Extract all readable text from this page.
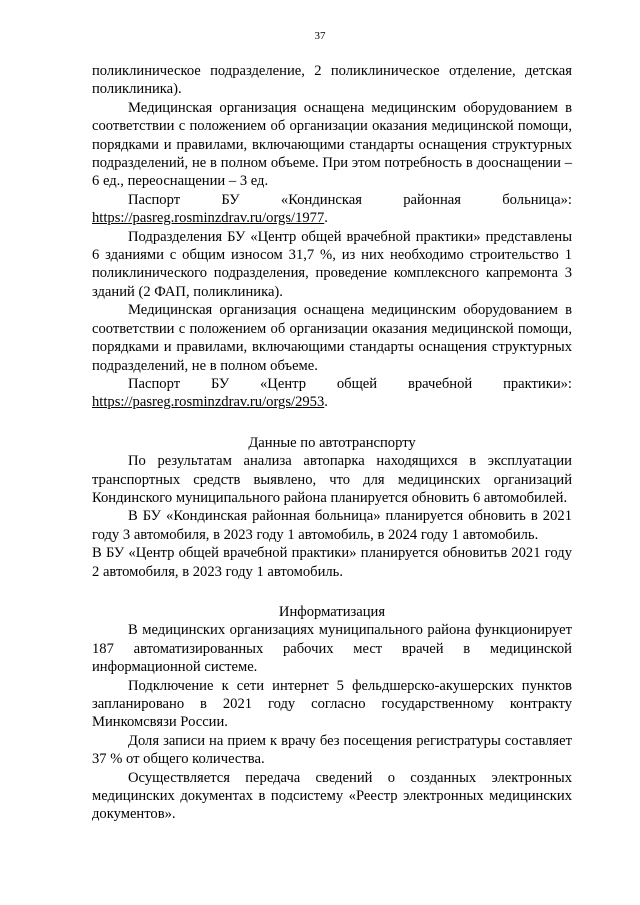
37

поликлиническое подразделение, 2 поликлиническое отделение, детская поликлиника).

Медицинская организация оснащена медицинским оборудованием в соответствии с положением об организации оказания медицинской помощи, порядками и правилами, включающими стандарты оснащения структурных подразделений, не в полном объеме. При этом потребность в дооснащении – 6 ед., переоснащении – 3 ед.

Паспорт БУ «Кондинская районная больница»: https://pasreg.rosminzdrav.ru/orgs/1977.

Подразделения БУ «Центр общей врачебной практики» представлены 6 зданиями с общим износом 31,7 %, из них необходимо строительство 1 поликлинического подразделения, проведение комплексного капремонта 3 зданий (2 ФАП, поликлиника).

Медицинская организация оснащена медицинским оборудованием в соответствии с положением об организации оказания медицинской помощи, порядками и правилами, включающими стандарты оснащения структурных подразделений, не в полном объеме.

Паспорт БУ «Центр общей врачебной практики»: https://pasreg.rosminzdrav.ru/orgs/2953.

Данные по автотранспорту

По результатам анализа автопарка находящихся в эксплуатации транспортных средств выявлено, что для медицинских организаций Кондинского муниципального района планируется обновить 6 автомобилей.

В БУ «Кондинская районная больница» планируется обновить в 2021 году 3 автомобиля, в 2023 году 1 автомобиль, в 2024 году 1 автомобиль.

В БУ «Центр общей врачебной практики» планируется обновитьв 2021 году 2 автомобиля, в 2023 году 1 автомобиль.

Информатизация

В медицинских организациях муниципального района функционирует 187 автоматизированных рабочих мест врачей в медицинской информационной системе.

Подключение к сети интернет 5 фельдшерско-акушерских пунктов запланировано в 2021 году согласно государственному контракту Минкомсвязи России.

Доля записи на прием к врачу без посещения регистратуры составляет 37 % от общего количества.

Осуществляется передача сведений о созданных электронных медицинских документах в подсистему «Реестр электронных медицинских документов».
